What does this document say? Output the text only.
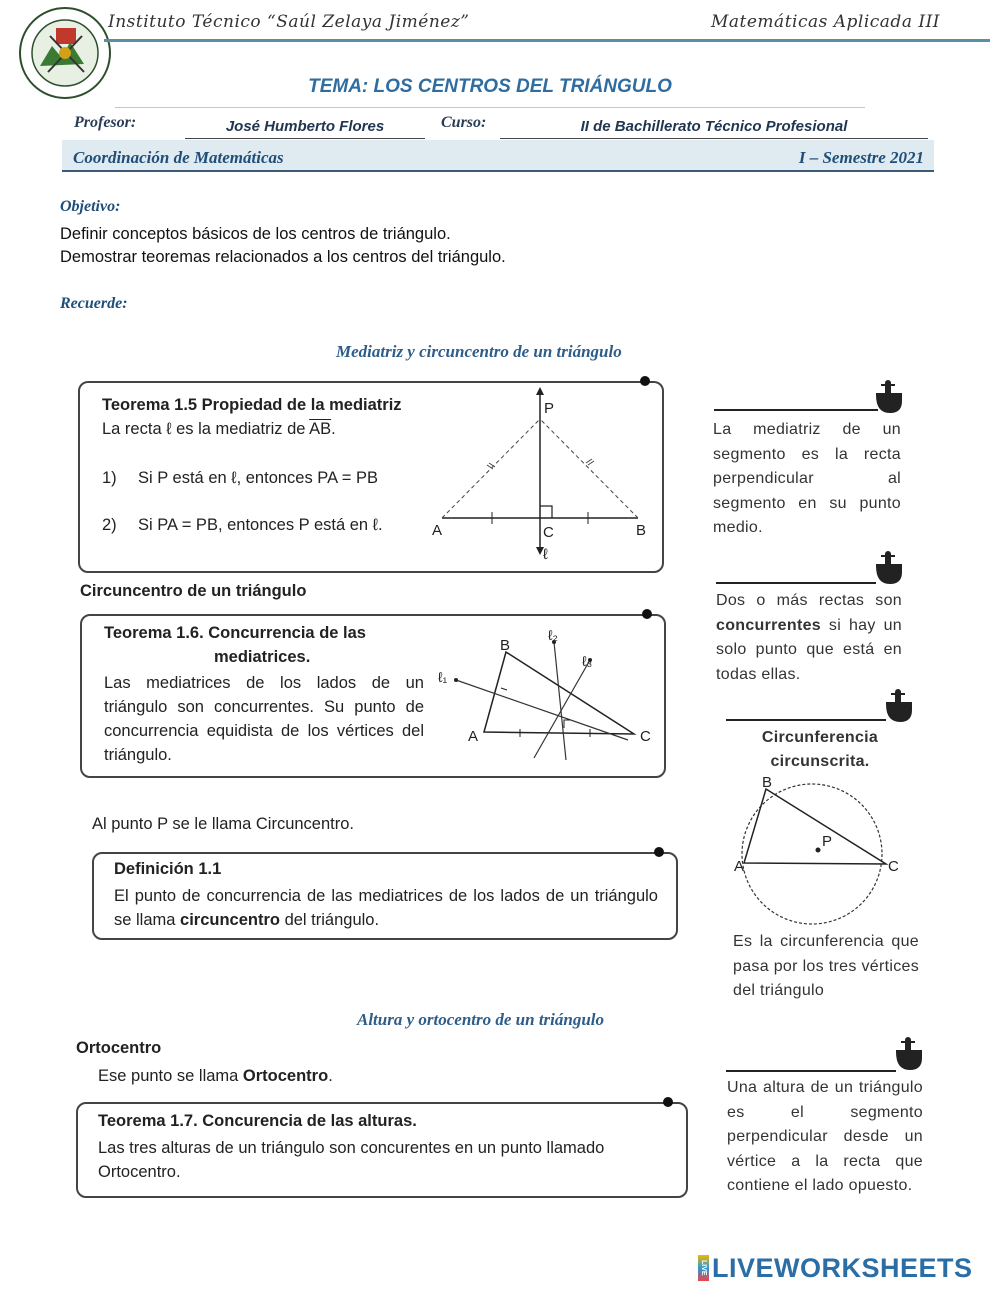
Instituto Técnico “Saúl Zelaya Jiménez”	Matemáticas Aplicada III
TEMA: LOS CENTROS DEL TRIÁNGULO
Profesor:	José Humberto Flores	Curso:	II de Bachillerato Técnico Profesional
Coordinación de Matemáticas	I – Semestre 2021
Objetivo:
Definir conceptos básicos de los centros de triángulo.
Demostrar teoremas relacionados a los centros del triángulo.
Recuerde:
Mediatriz y circuncentro de un triángulo
Teorema 1.5 Propiedad de la mediatriz
La recta ℓ es la mediatriz de $\overline{AB}$.
1) Si P está en ℓ, entonces PA = PB
2) Si PA = PB, entonces P está en ℓ.
P
A	B
C
ℓ
Circuncentro de un triángulo
Teorema 1.6. Concurrencia de las
mediatrices.
Las mediatrices de los lados de un triángulo son concurrentes. Su punto de concurrencia equidista de los vértices del triángulo.
B
A	C
ℓ₁
ℓ₂
ℓ₃
Al punto P se le llama Circuncentro.
Definición 1.1
El punto de concurrencia de las mediatrices de los lados de un triángulo se llama circuncentro del triángulo.
Altura y ortocentro de un triángulo
Ortocentro
Ese punto se llama Ortocentro.
Teorema 1.7. Concurencia de las alturas.
Las tres alturas de un triángulo son concurentes en un punto llamado Ortocentro.
La mediatriz de un segmento es la recta perpendicular al segmento en su punto medio.
Dos o más rectas son concurrentes si hay un solo punto que está en todas ellas.
Circunferencia
circunscrita.
B
A	C
P
Es la circunferencia que pasa por los tres vértices del triángulo
Una altura de un triángulo es el segmento perpendicular desde un vértice a la recta que contiene el lado opuesto.
LIVE LIVEWORKSHEETS
